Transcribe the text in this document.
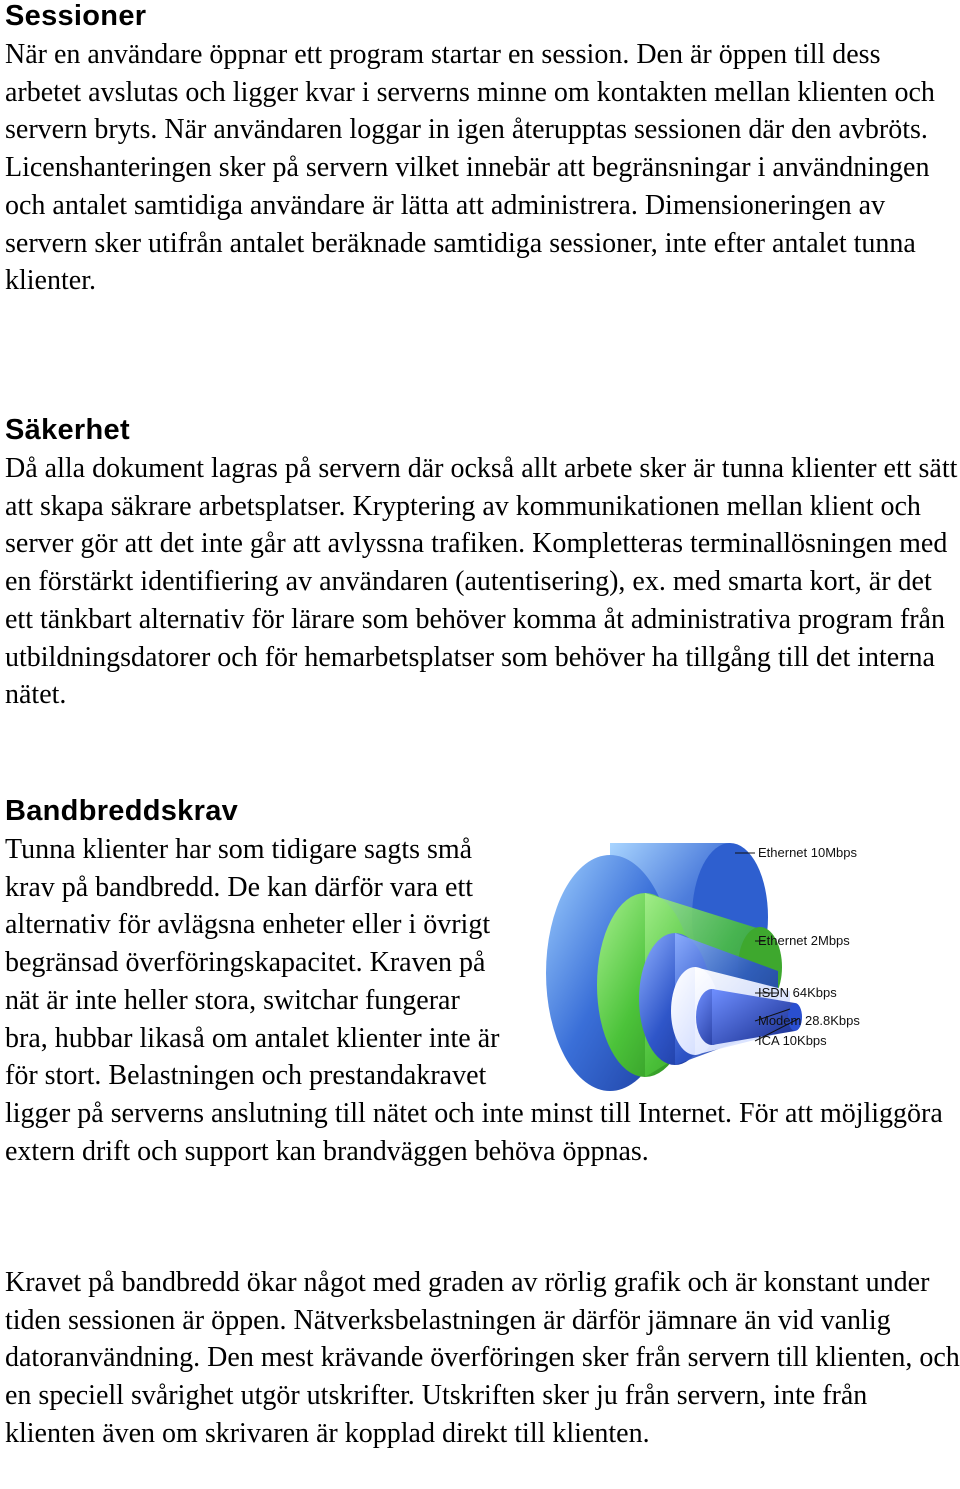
Sessioner

När en användare öppnar ett program startar en session. Den är öppen till dess arbetet avslutas och ligger kvar i serverns minne om kontakten mellan klienten och servern bryts. När användaren loggar in igen återupptas sessionen där den avbröts. Licenshanteringen sker på servern vilket innebär att begränsningar i användningen och antalet samtidiga användare är lätta att administrera. Dimensioneringen av servern sker utifrån antalet beräknade samtidiga sessioner, inte efter antalet tunna klienter.

Säkerhet

Då alla dokument lagras på servern där också allt arbete sker är tunna klienter ett sätt att skapa säkrare arbetsplatser. Kryptering av kommunikationen mellan klient och server gör att det inte går att avlyssna trafiken. Kompletteras terminallösningen med en förstärkt identifiering av användaren (autentisering), ex. med smarta kort, är det ett tänkbart alternativ för lärare som behöver komma åt administrativa program från utbildningsdatorer och för hemarbetsplatser som behöver ha tillgång till det interna nätet.

Bandbreddskrav
Ethernet 10Mbps
Ethernet 2Mbps
ISDN 64Kbps
Modem 28.8Kbps
ICA 10Kbps

Tunna klienter har som tidigare sagts små krav på bandbredd. De kan därför vara ett alternativ för avlägsna enheter eller i övrigt begränsad överföringskapacitet. Kraven på nät är inte heller stora, switchar fungerar bra, hubbar likaså om antalet klienter inte är för stort. Belastningen och prestandakravet ligger på serverns anslutning till nätet och inte minst till Internet. För att möjliggöra extern drift och support kan brandväggen behöva öppnas.

Kravet på bandbredd ökar något med graden av rörlig grafik och är konstant under tiden sessionen är öppen. Nätverksbelastningen är därför jämnare än vid vanlig datoranvändning. Den mest krävande överföringen sker från servern till klienten, och en speciell svårighet utgör utskrifter. Utskriften sker ju från servern, inte från klienten även om skrivaren är kopplad direkt till klienten.
